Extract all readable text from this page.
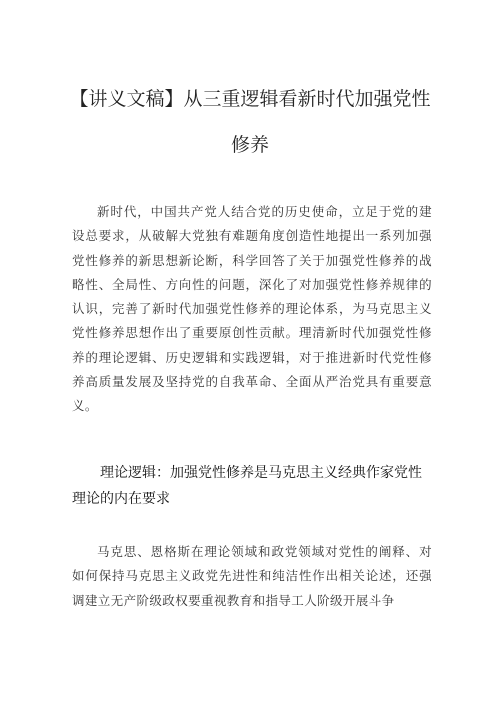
【讲义文稿】从三重逻辑看新时代加强党性
修养

新时代，中国共产党人结合党的历史使命，立足于党的建设总要求，从破解大党独有难题角度创造性地提出一系列加强党性修养的新思想新论断，科学回答了关于加强党性修养的战略性、全局性、方向性的问题，深化了对加强党性修养规律的认识，完善了新时代加强党性修养的理论体系，为马克思主义党性修养思想作出了重要原创性贡献。理清新时代加强党性修养的理论逻辑、历史逻辑和实践逻辑，对于推进新时代党性修养高质量发展及坚持党的自我革命、全面从严治党具有重要意义。

理论逻辑：加强党性修养是马克思主义经典作家党性理论的内在要求

马克思、恩格斯在理论领域和政党领域对党性的阐释、对如何保持马克思主义政党先进性和纯洁性作出相关论述，还强调建立无产阶级政权要重视教育和指导工人阶级开展斗争
